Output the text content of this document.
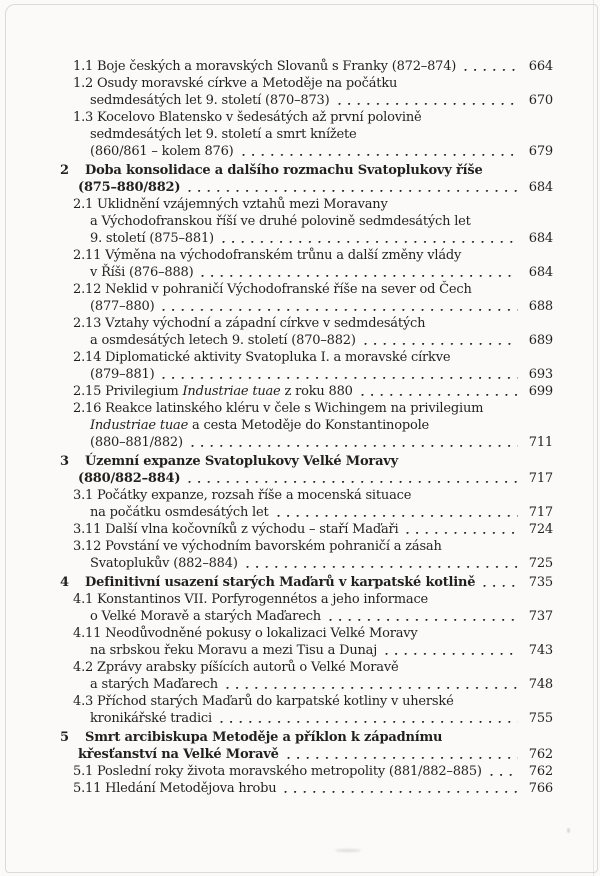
1.1 Boje českých a moravských Slovanů s Franky (872–874)	664
1.2 Osudy moravské církve a Metoděje na počátku
sedmdesátých let 9. století (870–873)	670
1.3 Kocelovo Blatensko v šedesátých až první polovině
sedmdesátých let 9. století a smrt knížete
(860/861 – kolem 876)	679
2	Doba konsolidace a dalšího rozmachu Svatoplukovy říše
(875–880/882)	684
2.1 Uklidnění vzájemných vztahů mezi Moravany
a Východofranskou říší ve druhé polovině sedmdesátých let
9. století (875–881)	684
2.11 Výměna na východofranském trůnu a další změny vlády
v Říši (876–888)	684
2.12 Neklid v pohraničí Východofranské říše na sever od Čech
(877–880)	688
2.13 Vztahy východní a západní církve v sedmdesátých
a osmdesátých letech 9. století (870–882)	689
2.14 Diplomatické aktivity Svatopluka I. a moravské církve
(879–881)	693
2.15 Privilegium Industriae tuae z roku 880	699
2.16 Reakce latinského kléru v čele s Wichingem na privilegium
Industriae tuae a cesta Metoděje do Konstantinopole
(880–881/882)	711
3	Územní expanze Svatoplukovy Velké Moravy
(880/882–884)	717
3.1 Počátky expanze, rozsah říše a mocenská situace
na počátku osmdesátých let	717
3.11 Další vlna kočovníků z východu – staří Maďaři	724
3.12 Povstání ve východním bavorském pohraničí a zásah
Svatoplukův (882–884)	725
4	Definitivní usazení starých Maďarů v karpatské kotlině	735
4.1 Konstantinos VII. Porfyrogennétos a jeho informace
o Velké Moravě a starých Maďarech	737
4.11 Neodůvodněné pokusy o lokalizaci Velké Moravy
na srbskou řeku Moravu a mezi Tisu a Dunaj	743
4.2 Zprávy arabsky píšících autorů o Velké Moravě
a starých Maďarech	748
4.3 Příchod starých Maďarů do karpatské kotliny v uherské
kronikářské tradici	755
5	Smrt arcibiskupa Metoděje a příklon k západnímu
křesťanství na Velké Moravě	762
5.1 Poslední roky života moravského metropolity (881/882–885)	762
5.11 Hledání Metodějova hrobu	766
